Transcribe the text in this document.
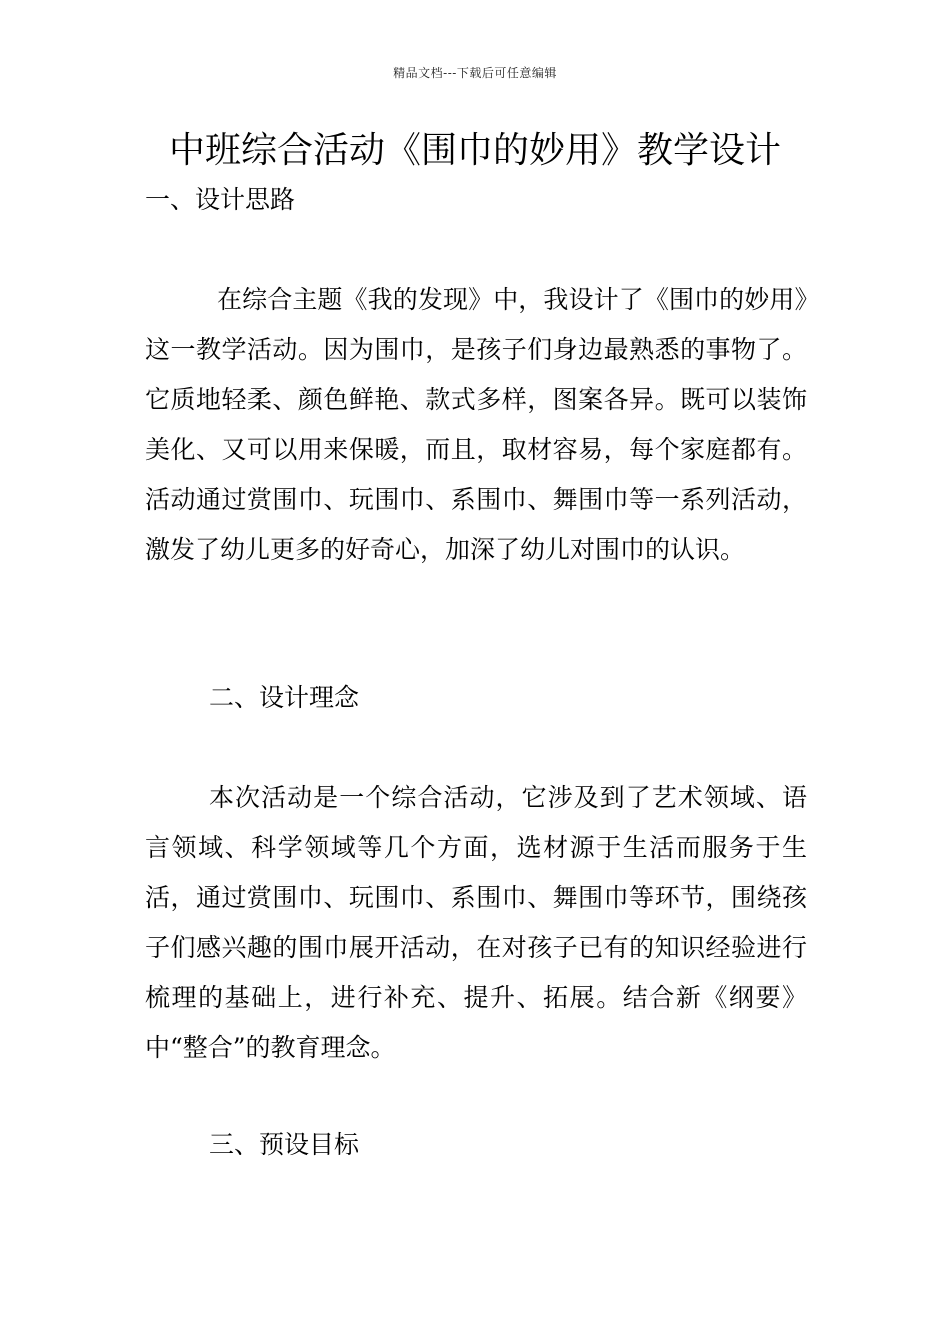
精品文档---下载后可任意编辑
中班综合活动《围巾的妙用》教学设计
一、设计思路

在综合主题《我的发现》中，我设计了《围巾的妙用》这一教学活动。因为围巾，是孩子们身边最熟悉的事物了。它质地轻柔、颜色鲜艳、款式多样，图案各异。既可以装饰美化、又可以用来保暖，而且，取材容易，每个家庭都有。活动通过赏围巾、玩围巾、系围巾、舞围巾等一系列活动，激发了幼儿更多的好奇心，加深了幼儿对围巾的认识。

二、设计理念

本次活动是一个综合活动，它涉及到了艺术领域、语言领域、科学领域等几个方面，选材源于生活而服务于生活，通过赏围巾、玩围巾、系围巾、舞围巾等环节，围绕孩子们感兴趣的围巾展开活动，在对孩子已有的知识经验进行梳理的基础上，进行补充、提升、拓展。结合新《纲要》中“整合”的教育理念。

三、预设目标
